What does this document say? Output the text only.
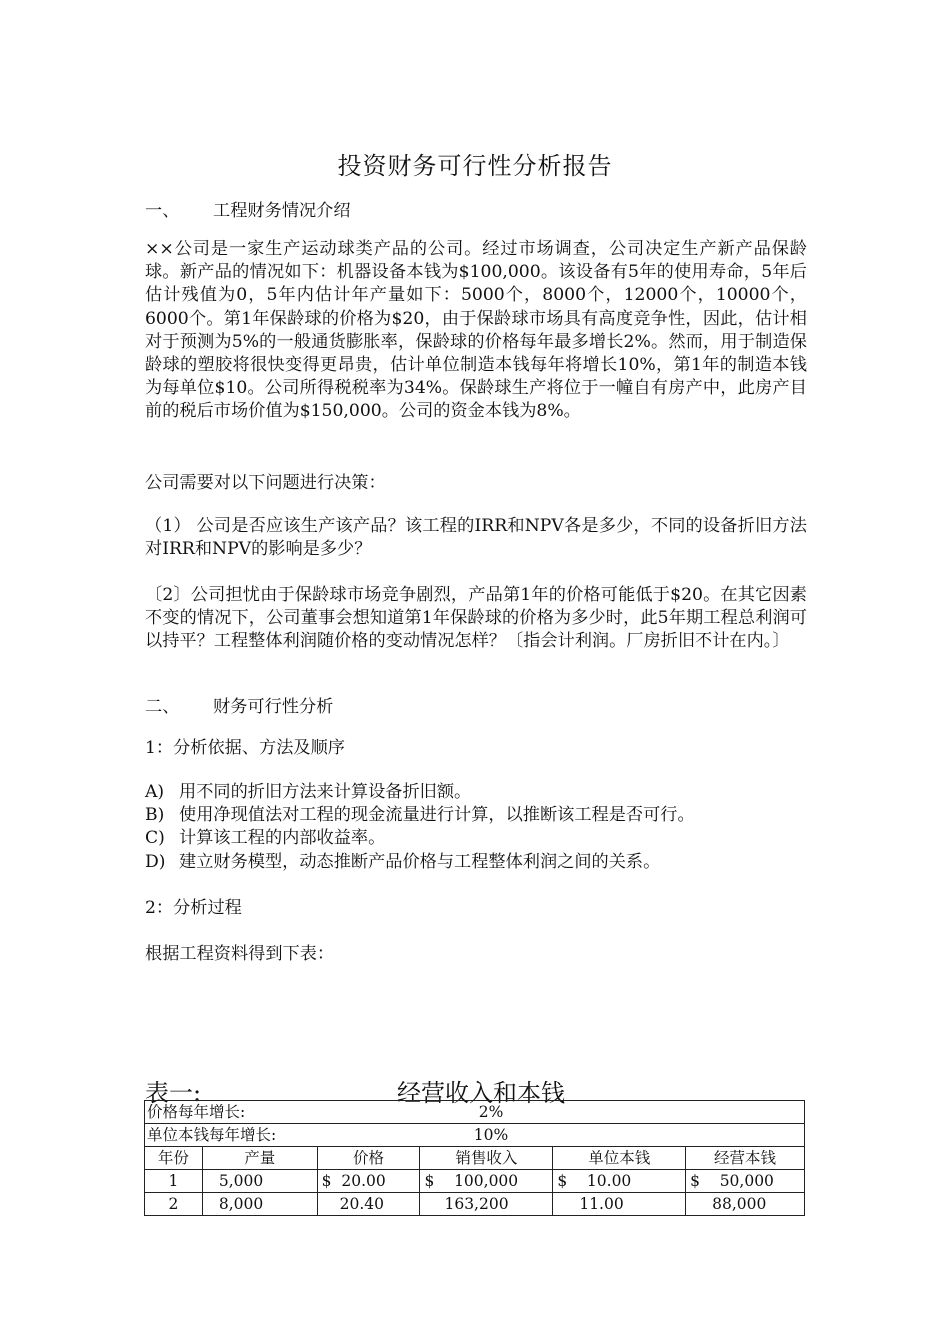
投资财务可行性分析报告
一、 工程财务情况介绍
××公司是一家生产运动球类产品的公司。经过市场调查，公司决定生产新产品保龄球。新产品的情况如下：机器设备本钱为$100,000。该设备有5年的使用寿命，5年后估计残值为0，5年内估计年产量如下：5000个，8000个，12000个，10000个，6000个。第1年保龄球的价格为$20，由于保龄球市场具有高度竞争性，因此，估计相对于预测为5%的一般通货膨胀率，保龄球的价格每年最多增长2%。然而，用于制造保龄球的塑胶将很快变得更昂贵，估计单位制造本钱每年将增长10%，第1年的制造本钱为每单位$10。公司所得税税率为34%。保龄球生产将位于一幢自有房产中，此房产目前的税后市场价值为$150,000。公司的资金本钱为8%。
公司需要对以下问题进行决策：
（1） 公司是否应该生产该产品？该工程的IRR和NPV各是多少，不同的设备折旧方法对IRR和NPV的影响是多少？
〔2〕公司担忧由于保龄球市场竞争剧烈，产品第1年的价格可能低于$20。在其它因素不变的情况下，公司董事会想知道第1年保龄球的价格为多少时，此5年期工程总利润可以持平？工程整体利润随价格的变动情况怎样？〔指会计利润。厂房折旧不计在内。〕
二、 财务可行性分析
1：分析依据、方法及顺序
A) 用不同的折旧方法来计算设备折旧额。
B) 使用净现值法对工程的现金流量进行计算，以推断该工程是否可行。
C) 计算该工程的内部收益率。
D) 建立财务模型，动态推断产品价格与工程整体利润之间的关系。
2：分析过程
根据工程资料得到下表：
表一:	经营收入和本钱
价格每年增长: 2%					
单位本钱每年增长: 10%					
年份	产量	价格	销售收入	单位本钱	经营本钱
1	5,000	$ 20.00	$ 100,000	$ 10.00	$ 50,000
2	8,000	20.40	163,200	11.00	88,000
